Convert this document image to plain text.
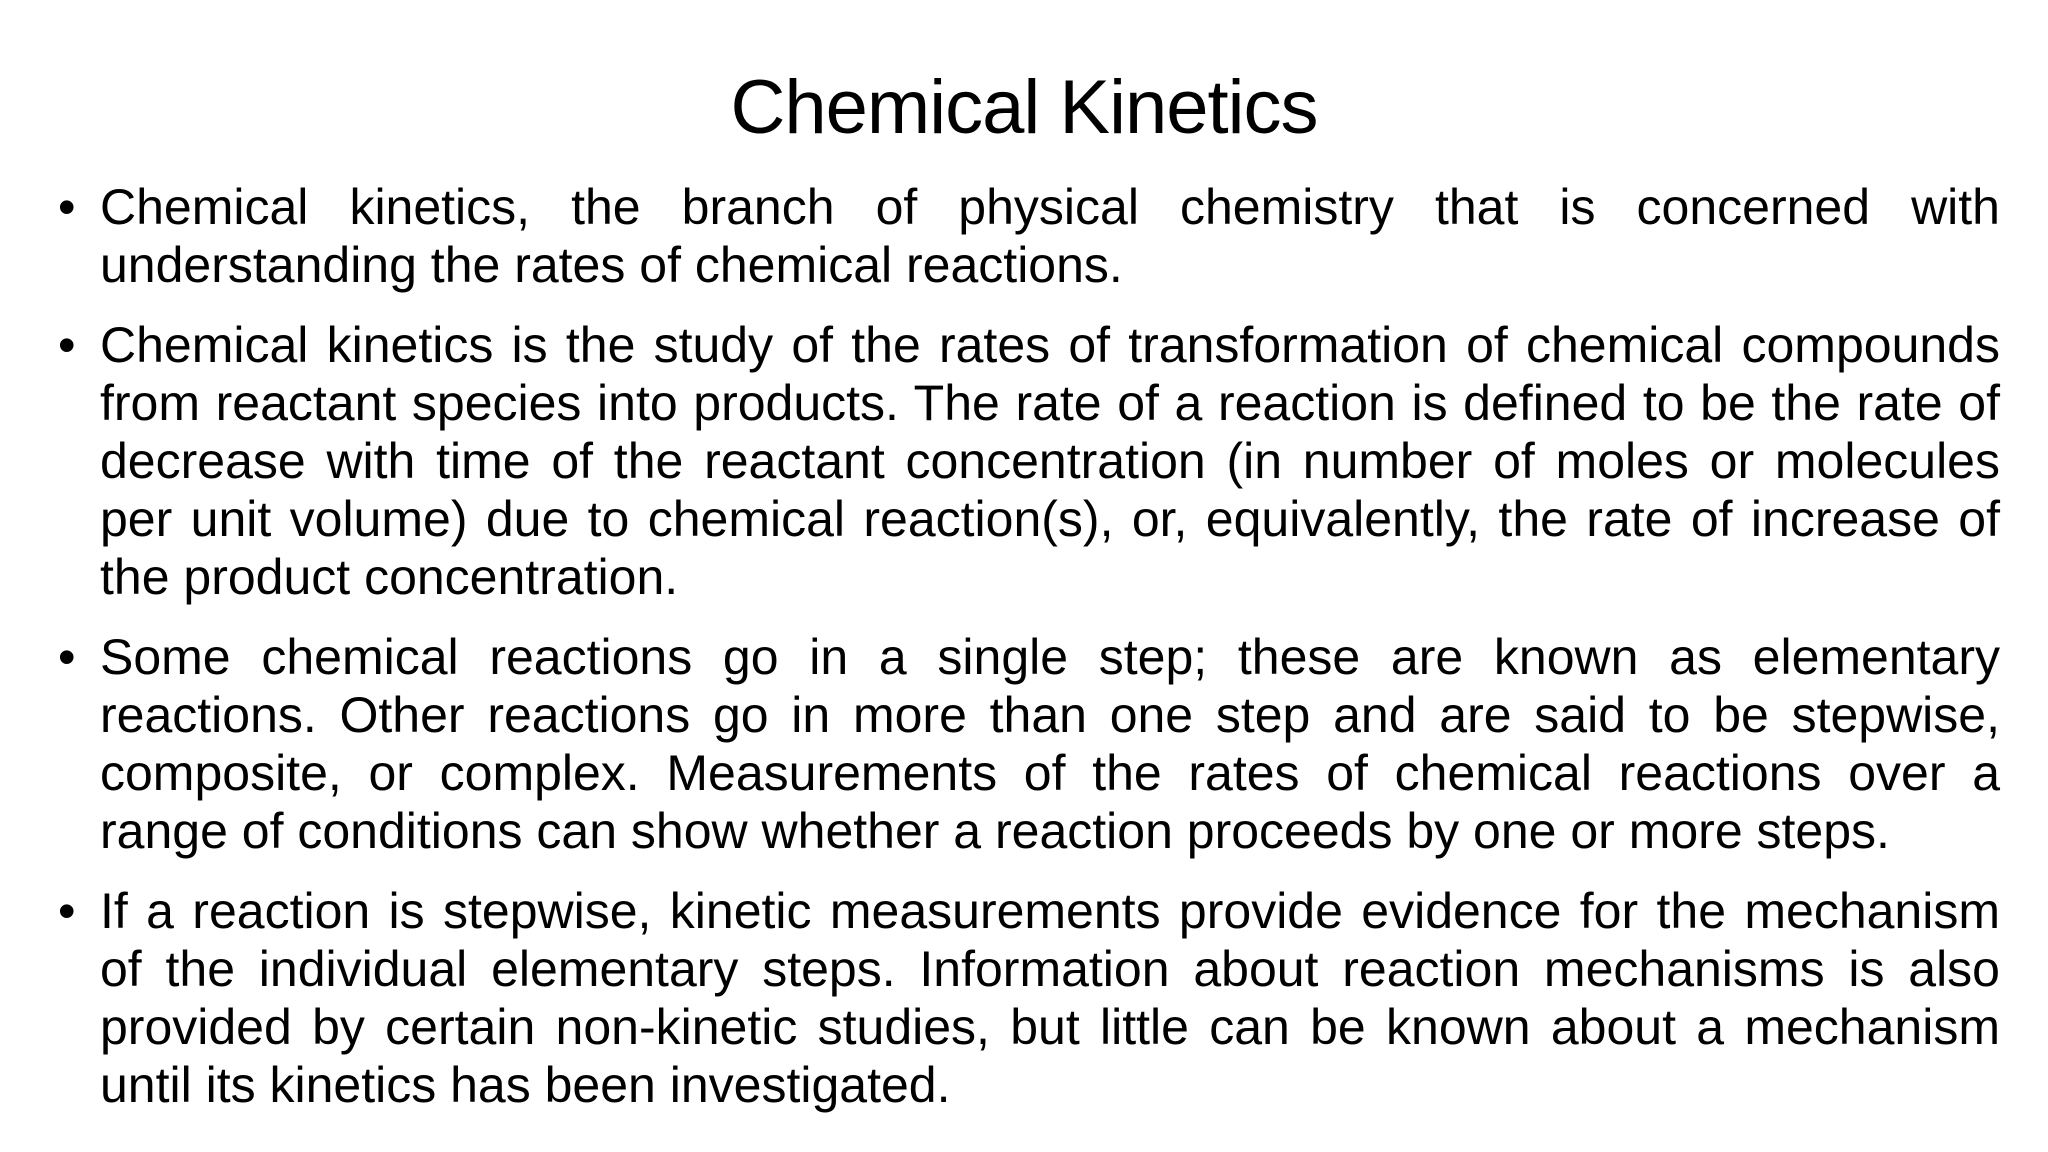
Chemical Kinetics
• Chemical kinetics, the branch of physical chemistry that is concerned with understanding the rates of chemical reactions.
• Chemical kinetics is the study of the rates of transformation of chemical compounds from reactant species into products. The rate of a reaction is defined to be the rate of decrease with time of the reactant concentration (in number of moles or molecules per unit volume) due to chemical reaction(s), or, equivalently, the rate of increase of the product concentration.
• Some chemical reactions go in a single step; these are known as elementary reactions. Other reactions go in more than one step and are said to be stepwise, composite, or complex. Measurements of the rates of chemical reactions over a range of conditions can show whether a reaction proceeds by one or more steps.
• If a reaction is stepwise, kinetic measurements provide evidence for the mechanism of the individual elementary steps. Information about reaction mechanisms is also provided by certain non-kinetic studies, but little can be known about a mechanism until its kinetics has been investigated.
